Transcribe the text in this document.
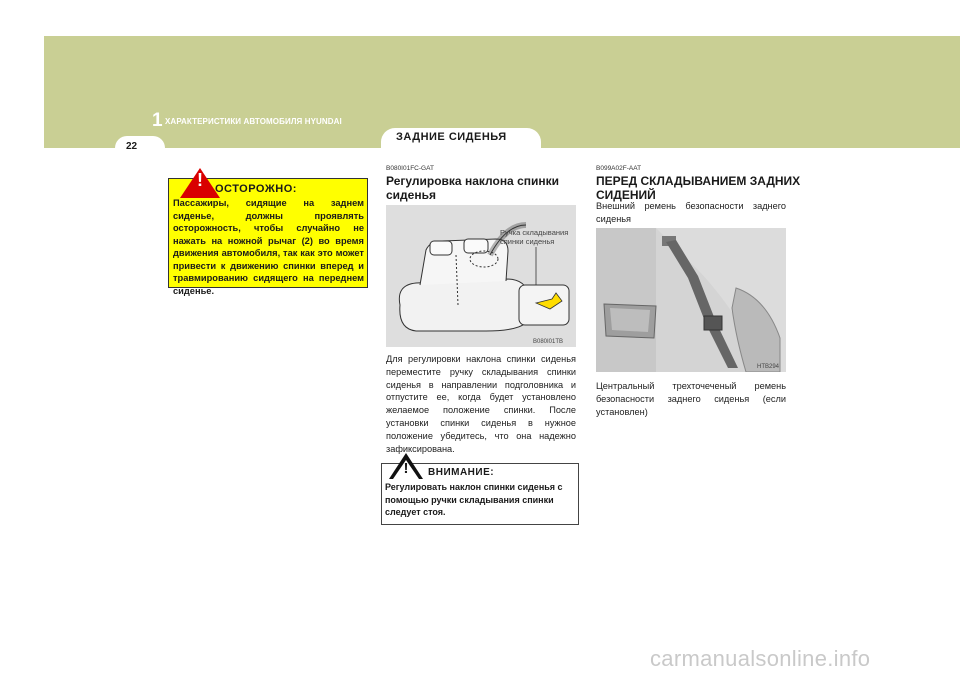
1 ХАРАКТЕРИСТИКИ АВТОМОБИЛЯ HYUNDAI
ЗАДНИЕ СИДЕНЬЯ
22
! ОСТОРОЖНО:
Пассажиры, сидящие на заднем сиденье, должны проявлять осторожность, чтобы случайно не нажать на ножной рычаг (2) во время движения автомобиля, так как это может привести к движению спинки вперед и травмированию сидящего на переднем сиденье.
B080I01FC-GAT
Регулировка наклона спинки
сиденья
Ручка складывания
спинки сиденья
B080I01TB
Для регулировки наклона спинки сиденья переместите ручку складывания спинки сиденья в направлении подголовника и отпустите ее, когда будет установлено желаемое положение спинки. После установки спинки сиденья в нужное положение убедитесь, что она надежно зафиксирована.
!	ВНИМАНИЕ:
Регулировать наклон спинки сиденья с помощью ручки складывания спинки следует стоя.
B099A02F-AAT
ПЕРЕД СКЛАДЫВАНИЕМ ЗАДНИХ
СИДЕНИЙ
Внешний ремень безопасности заднего сиденья
HTB294
Центральный трехточеченый ремень безопасности заднего сиденья (если установлен)
carmanualsonline.info
